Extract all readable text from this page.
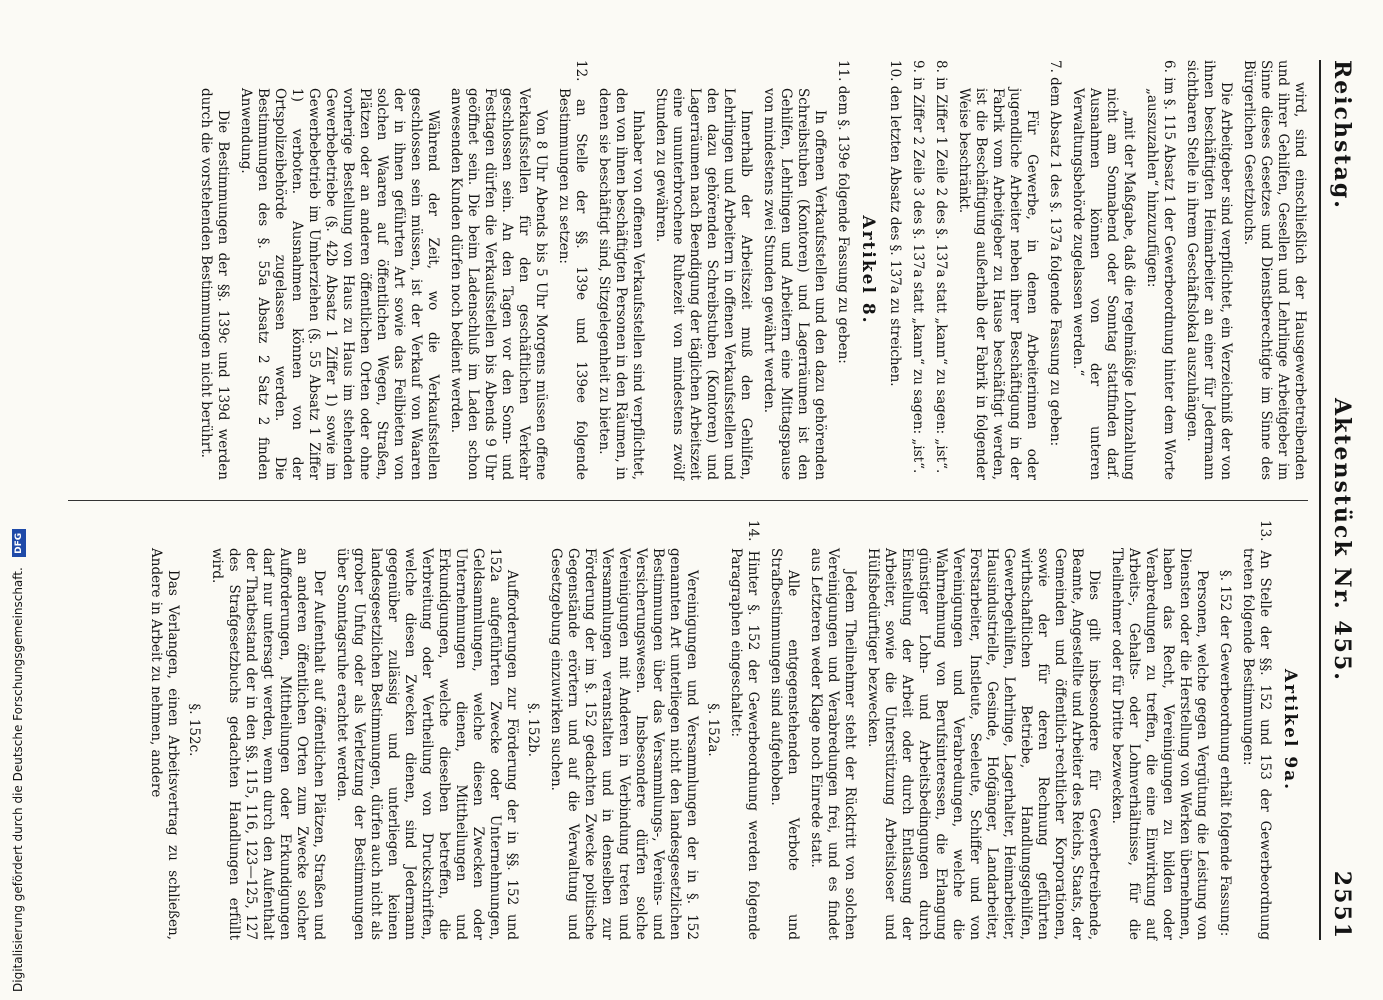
Reichstag.
Aktenstück Nr. 455.
2551

wird, sind einschließlich der Hausgewerbetreibenden und ihrer Gehilfen, Gesellen und Lehrlinge Arbeitgeber im Sinne dieses Gesetzes und Dienstberechtigte im Sinne des Bürgerlichen Gesetzbuchs.

Die Arbeitgeber sind verpflichtet, ein Verzeichniß der von ihnen beschäftigten Heimarbeiter an einer für Jedermann sichtbaren Stelle in ihrem Geschäftslokal auszuhängen.

6. im §. 115 Absatz 1 der Gewerbeordnung hinter dem Worte „auszuzahlen“ hinzuzufügen:

„mit der Maßgabe, daß die regelmäßige Lohnzahlung nicht am Sonnabend oder Sonntag stattfinden darf. Ausnahmen können von der unteren Verwaltungsbehörde zugelassen werden.“

7. dem Absatz 1 des §. 137a folgende Fassung zu geben:

Für Gewerbe, in denen Arbeiterinnen oder jugendliche Arbeiter neben ihrer Beschäftigung in der Fabrik vom Arbeitgeber zu Hause beschäftigt werden, ist die Beschäftigung außerhalb der Fabrik in folgender Weise beschränkt.

8. in Ziffer 1 Zeile 2 des §. 137a statt „kann“ zu sagen: „ist“.

9. in Ziffer 2 Zeile 3 des §. 137a statt „kann“ zu sagen: „ist“.

10. den letzten Absatz des §. 137a zu streichen.

Artikel 8.

11. dem §. 139e folgende Fassung zu geben:

In offenen Verkaufsstellen und den dazu gehörenden Schreibstuben (Kontoren) und Lagerräumen ist den Gehilfen, Lehrlingen und Arbeitern eine Mittagspause von mindestens zwei Stunden gewährt werden.

Innerhalb der Arbeitszeit muß den Gehilfen, Lehrlingen und Arbeitern in offenen Verkaufsstellen und den dazu gehörenden Schreibstuben (Kontoren) und Lagerräumen nach Beendigung der täglichen Arbeitszeit eine ununterbrochene Ruhezeit von mindestens zwölf Stunden zu gewähren.

Inhaber von offenen Verkaufsstellen sind verpflichtet, den von ihnen beschäftigten Personen in den Räumen, in denen sie beschäftigt sind, Sitzgelegenheit zu bieten.

12. an Stelle der §§. 139e und 139ee folgende Bestimmungen zu setzen:

Von 8 Uhr Abends bis 5 Uhr Morgens müssen offene Verkaufsstellen für den geschäftlichen Verkehr geschlossen sein. An den Tagen vor den Sonn- und Festtagen dürfen die Verkaufsstellen bis Abends 9 Uhr geöffnet sein. Die beim Ladenschluß im Laden schon anwesenden Kunden dürfen noch bedient werden.

Während der Zeit, wo die Verkaufsstellen geschlossen sein müssen, ist der Verkauf von Waaren der in ihnen geführten Art sowie das Feilbieten von solchen Waaren auf öffentlichen Wegen, Straßen, Plätzen oder an anderen öffentlichen Orten oder ohne vorherige Bestellung von Haus zu Haus im stehenden Gewerbebetriebe (§. 42b Absatz 1 Ziffer 1) sowie im Gewerbebetrieb im Umherziehen (§. 55 Absatz 1 Ziffer 1) verboten. Ausnahmen können von der Ortspolizeibehörde zugelassen werden. Die Bestimmungen des §. 55a Absatz 2 Satz 2 finden Anwendung.

Die Bestimmungen der §§. 139c und 139d werden durch die vorstehenden Bestimmungen nicht berührt.

Artikel 9a.

13. An Stelle der §§. 152 und 153 der Gewerbeordnung treten folgende Bestimmungen:

§. 152 der Gewerbeordnung erhält folgende Fassung:

Personen, welche gegen Vergütung die Leistung von Diensten oder die Herstellung von Werken übernehmen, haben das Recht, Vereinigungen zu bilden oder Verabredungen zu treffen, die eine Einwirkung auf Arbeits-, Gehalts- oder Lohnverhältnisse, für die Theilnehmer oder für Dritte bezwecken.

Dies gilt insbesondere für Gewerbetreibende, Beamte, Angestellte und Arbeiter des Reichs, Staats, der Gemeinden und öffentlich-rechtlicher Korporationen, sowie der für deren Rechnung geführten wirthschaftlichen Betriebe, Handlungsgehilfen, Gewerbegehilfen, Lehrlinge, Lagerhalter, Heimarbeiter, Hausindustrielle, Gesinde, Hofgänger, Landarbeiter, Forstarbeiter, Instleute, Seeleute, Schiffer und von Vereinigungen und Verabredungen, welche die Wahrnehmung von Berufsinteressen, die Erlangung günstiger Lohn- und Arbeitsbedingungen durch Einstellung der Arbeit oder durch Entlassung der Arbeiter, sowie die Unterstützung Arbeitsloser und Hülfsbedürftiger bezwecken.

Jedem Theilnehmer steht der Rücktritt von solchen Vereinigungen und Verabredungen frei, und es findet aus Letzteren weder Klage noch Einrede statt.

Alle entgegenstehenden Verbote und Strafbestimmungen sind aufgehoben.

14. Hinter §. 152 der Gewerbeordnung werden folgende Paragraphen eingeschaltet:

§. 152a.

Vereinigungen und Versammlungen der in §. 152 genannten Art unterliegen nicht den landesgesetzlichen Bestimmungen über das Versammlungs-, Vereins- und Versicherungswesen. Insbesondere dürfen solche Vereinigungen mit Anderen in Verbindung treten und Versammlungen veranstalten und in denselben zur Förderung der im §. 152 gedachten Zwecke politische Gegenstände erörtern und auf die Verwaltung und Gesetzgebung einzuwirken suchen.

§. 152b.

Aufforderungen zur Förderung der in §§. 152 und 152a aufgeführten Zwecke oder Unternehmungen, Geldsammlungen, welche diesen Zwecken oder Unternehmungen dienen, Mittheilungen und Erkundigungen, welche dieselben betreffen, die Verbreitung oder Vertheilung von Druckschriften, welche diesen Zwecken dienen, sind Jedermann gegenüber zulässig und unterliegen keinen landesgesetzlichen Bestimmungen, dürfen auch nicht als grober Unfug oder als Verletzung der Bestimmungen über Sonntagsruhe erachtet werden.

Der Aufenthalt auf öffentlichen Plätzen, Straßen und an anderen öffentlichen Orten zum Zwecke solcher Aufforderungen, Mittheilungen oder Erkundigungen darf nur untersagt werden, wenn durch den Aufenthalt der Thatbestand der in den §§. 115, 116, 123—125, 127 des Strafgesetzbuchs gedachten Handlungen erfüllt wird.

§. 152c.

Das Verlangen, einen Arbeitsvertrag zu schließen, Andere in Arbeit zu nehmen, andere

Digitalisierung gefördert durch die Deutsche Forschungsgemeinschaft. DFG
